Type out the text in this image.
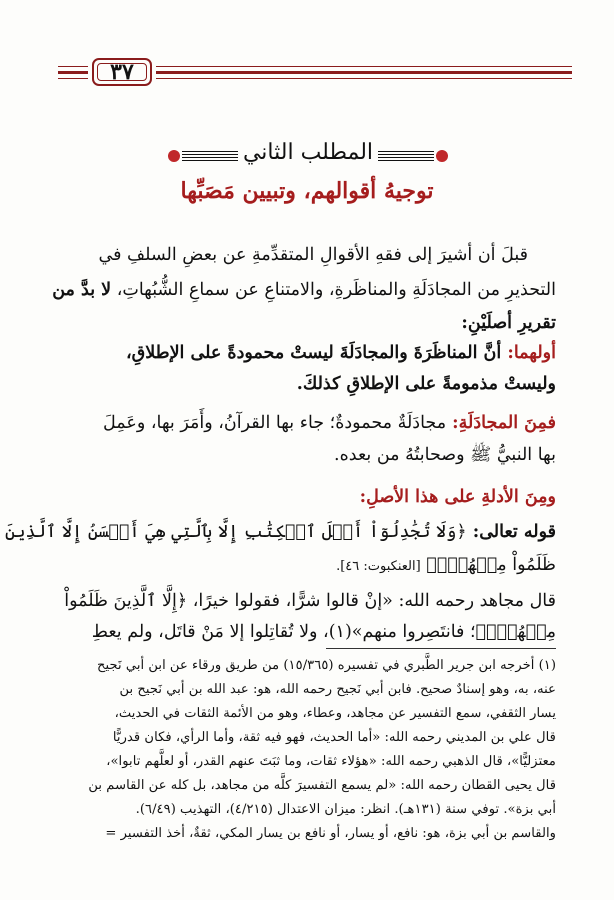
٣٧
المطلب الثاني
توجيهُ أقوالهم، وتبيين مَصَبِّها
قبلَ أن أشيرَ إلى فقهِ الأقوالِ المتقدِّمةِ عن بعضِ السلفِ في
التحذيرِ من المجادَلَةِ والمناظَرةِ، والامتناعِ عن سماعِ الشُّبُهاتِ، لا بدَّ من
تقريرِ أصلَيْنِ:
أولهما: أنَّ المناظَرَةَ والمجادَلَةَ ليستْ محمودةً على الإطلاقِ،
وليستْ مذمومةً على الإطلاقِ كذلكَ.
فمِنَ المجادَلَةِ: مجادَلَةٌ محمودةٌ؛ جاء بها القرآنُ، وأَمَرَ بها، وعَمِلَ
بها النبيُّ ﷺ وصحابتُهُ من بعده.
ومِنَ الأدلةِ على هذا الأصلِ:
قوله تعالى: ﴿وَلَا تُجَٰدِلُوٓاْ أَهۡلَ ٱلۡكِتَٰبِ إِلَّا بِٱلَّتِي هِيَ أَحۡسَنُ إِلَّا ٱلَّذِينَ
ظَلَمُواْ مِنۡهُمۡۖ﴾ [العنكبوت: ٤٦].
قال مجاهد رحمه الله: «إنْ قالوا شرًّا، فقولوا خيرًا، ﴿إِلَّا ٱلَّذِينَ ظَلَمُواْ
مِنۡهُمۡۖ﴾؛ فانتَصِروا منهم»(١)، ولا تُقاتِلوا إلا مَنْ قاتَل، ولم يعطِ
(١) أخرجه ابن جرير الطَّبري في تفسيره (١٥/٣٦٥) من طريق ورقاء عن ابن أبي نَجيح
عنه، به، وهو إسنادٌ صحيح. فابن أبي نَجيح رحمه الله، هو: عبد الله بن أبي نَجيح بن
يسار الثقفي، سمع التفسير عن مجاهد، وعطاء، وهو من الأئمة الثقات في الحديث،
قال علي بن المديني رحمه الله: «أما الحديث، فهو فيه ثقة، وأما الرأي، فكان قدريًّا
معتزليًّا»، قال الذهبي رحمه الله: «هؤلاء ثقات، وما ثبَتَ عنهم القدر، أو لعلَّهم تابوا»،
قال يحيى القطان رحمه الله: «لم يسمع التفسيرَ كلَّه من مجاهد، بل كله عن القاسم بن
أبي بزة». توفي سنة (١٣١هـ). انظر: ميزان الاعتدال (٤/٢١٥)، التهذيب (٦/٤٩).
والقاسم بن أبي بزة، هو: نافع، أو يسار، أو نافع بن يسار المكي، ثقةٌ، أخذ التفسير =
